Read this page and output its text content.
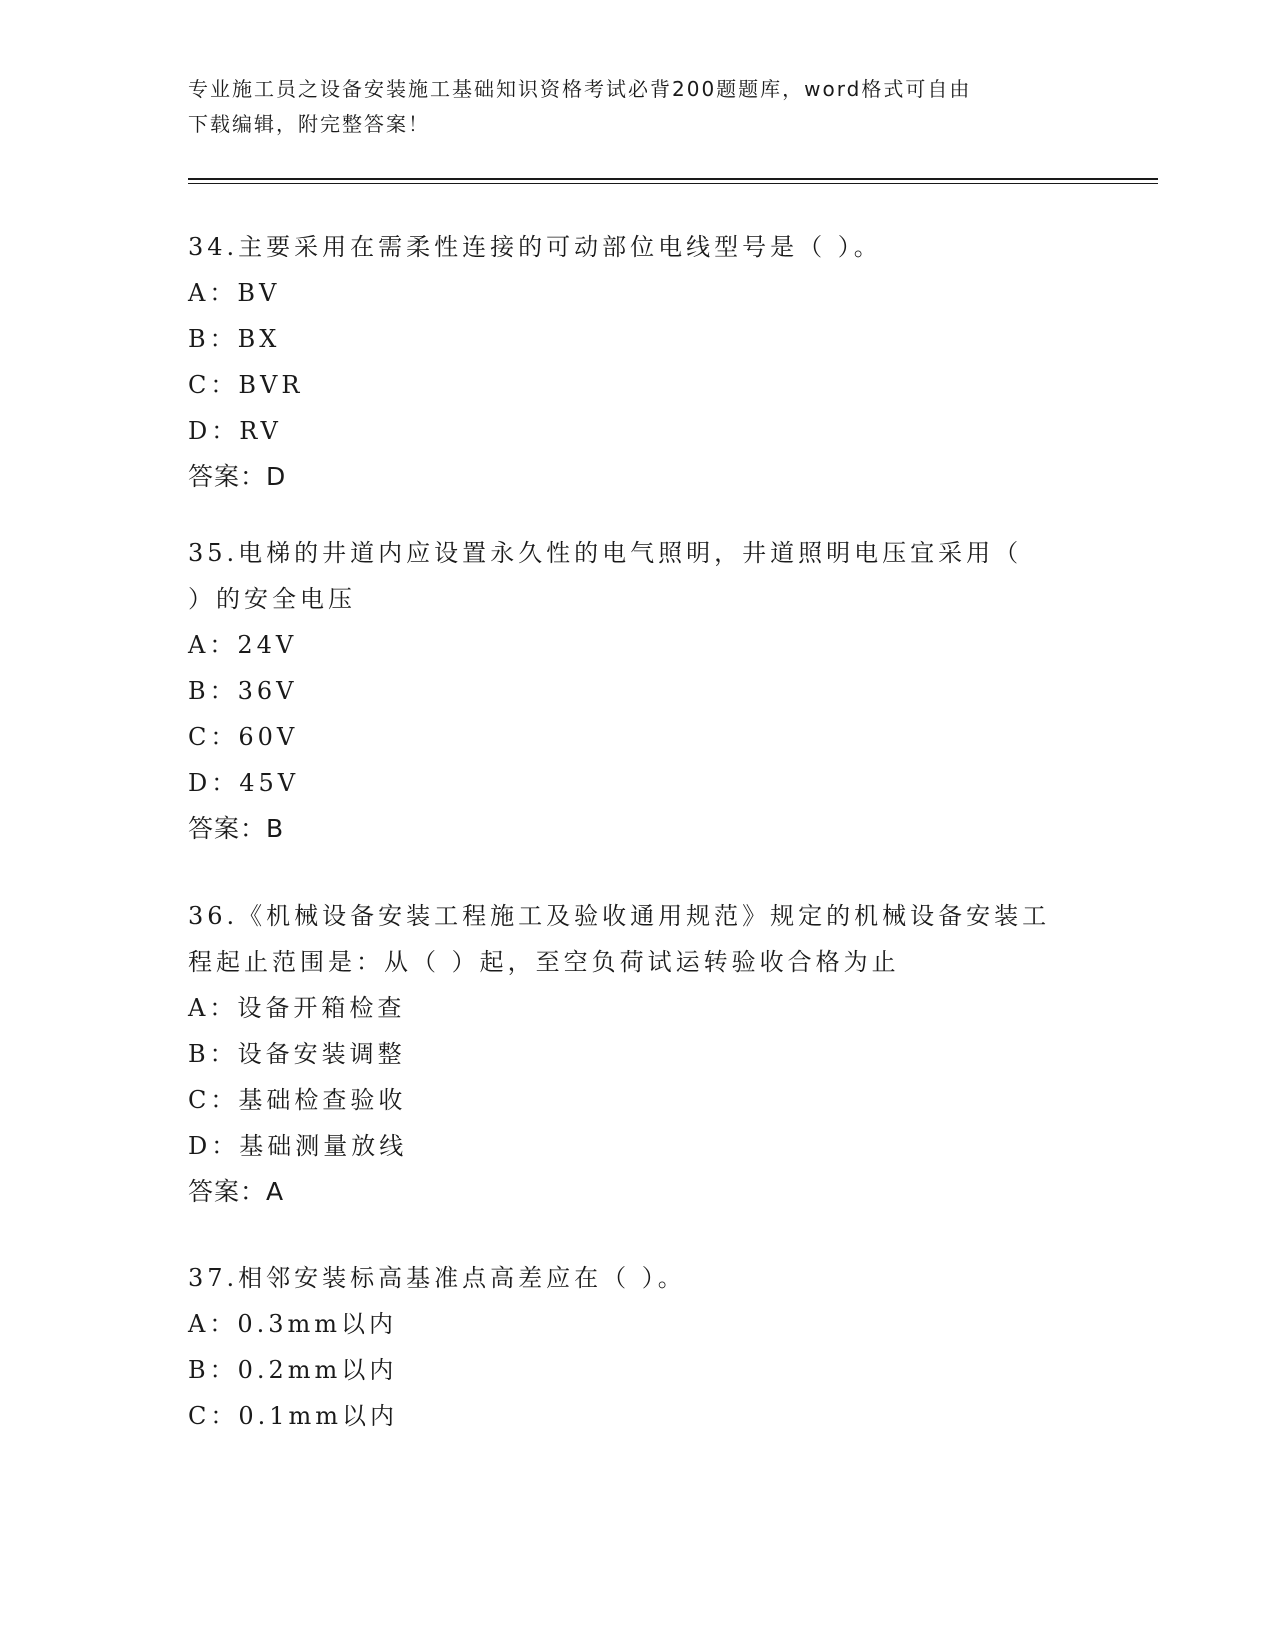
专业施工员之设备安装施工基础知识资格考试必背200题题库，word格式可自由
下载编辑，附完整答案！
34.主要采用在需柔性连接的可动部位电线型号是（ ）。
A：BV
B：BX
C：BVR
D：RV
答案：D
35.电梯的井道内应设置永久性的电气照明，井道照明电压宜采用（
）的安全电压
A：24V
B：36V
C：60V
D：45V
答案：B
36.《机械设备安装工程施工及验收通用规范》规定的机械设备安装工
程起止范围是：从（ ）起，至空负荷试运转验收合格为止
A：设备开箱检查
B：设备安装调整
C：基础检查验收
D：基础测量放线
答案：A
37.相邻安装标高基准点高差应在（ ）。
A：0.3mm以内
B：0.2mm以内
C：0.1mm以内
